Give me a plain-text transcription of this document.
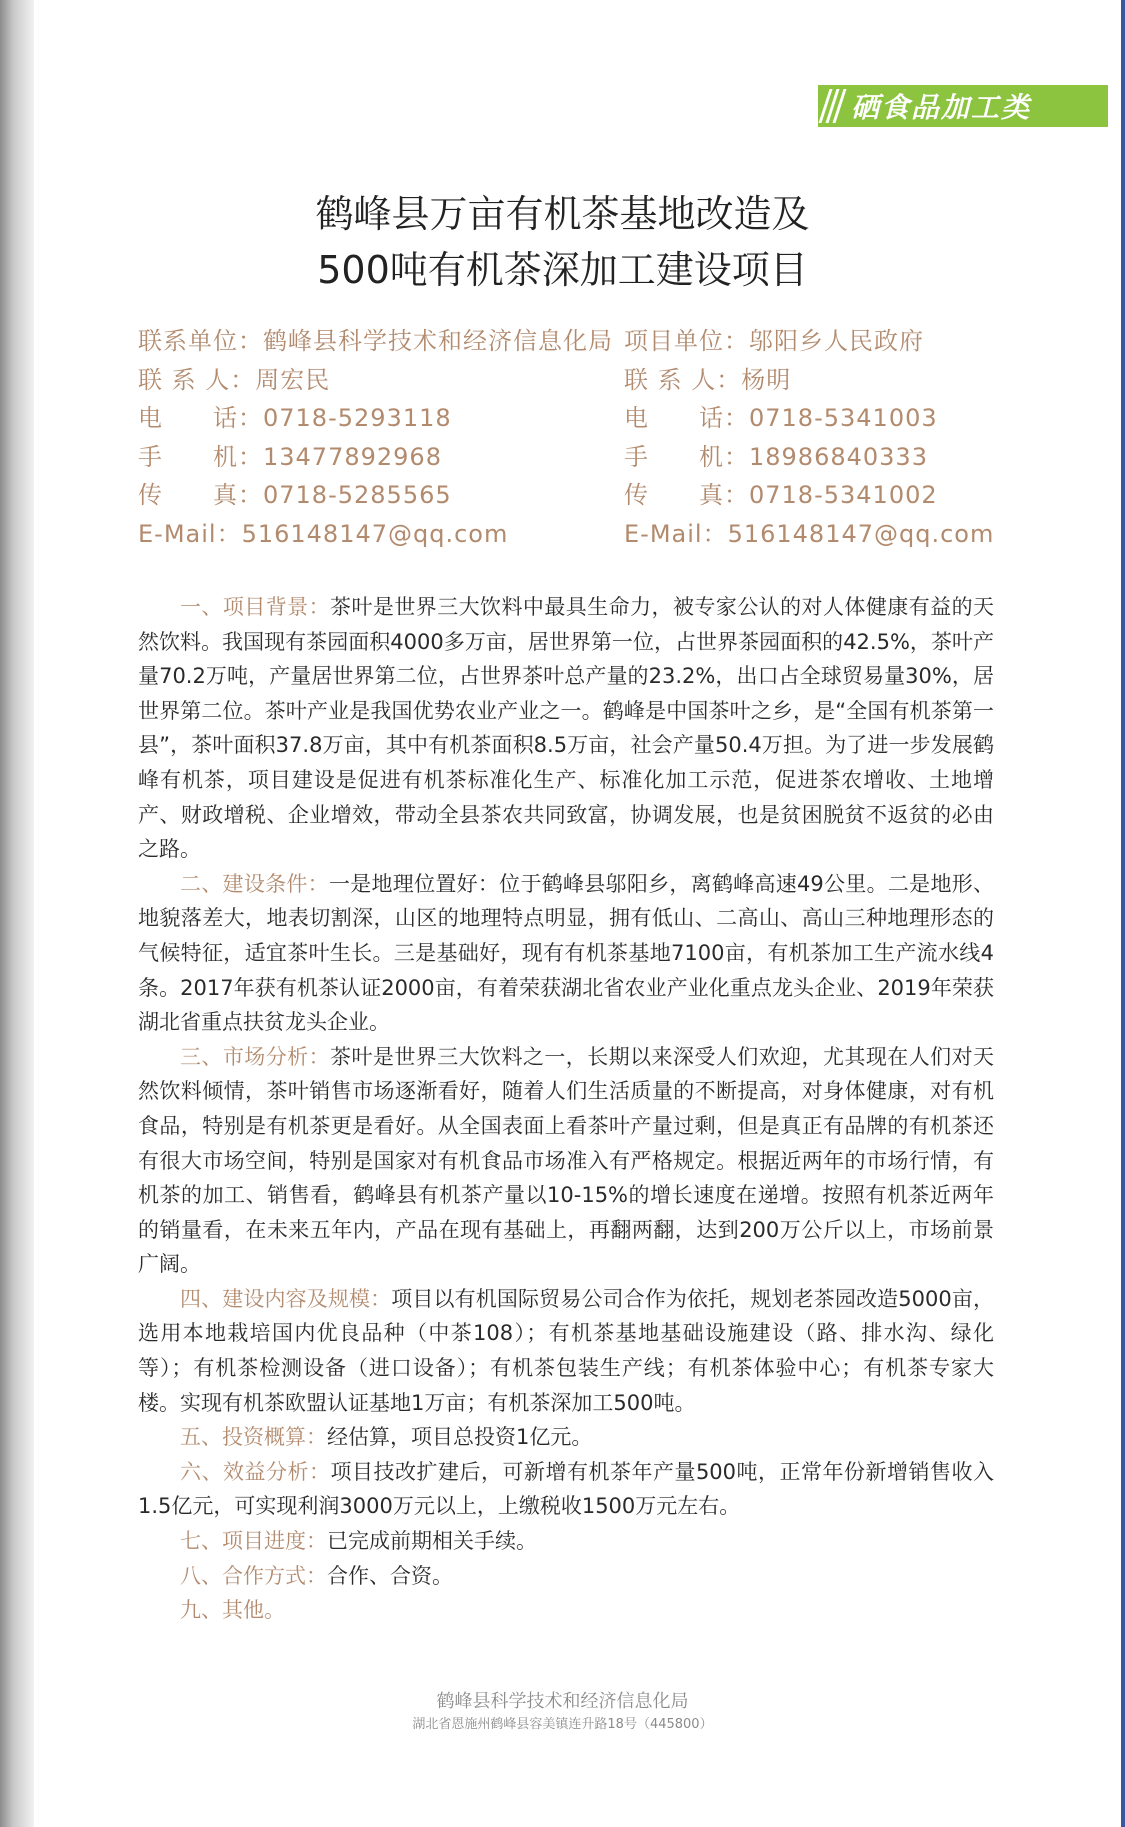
硒食品加工类
鹤峰县万亩有机茶基地改造及
500吨有机茶深加工建设项目
联系单位：鹤峰县科学技术和经济信息化局
联 系 人：周宏民
电　　话：0718-5293118
手　　机：13477892968
传　　真：0718-5285565
E-Mail：516148147@qq.com
项目单位：邬阳乡人民政府
联 系 人：杨明
电　　话：0718-5341003
手　　机：18986840333
传　　真：0718-5341002
E-Mail：516148147@qq.com

一、项目背景：茶叶是世界三大饮料中最具生命力，被专家公认的对人体健康有益的天然饮料。我国现有茶园面积4000多万亩，居世界第一位，占世界茶园面积的42.5%，茶叶产量70.2万吨，产量居世界第二位，占世界茶叶总产量的23.2%，出口占全球贸易量30%，居世界第二位。茶叶产业是我国优势农业产业之一。鹤峰是中国茶叶之乡，是“全国有机茶第一县”，茶叶面积37.8万亩，其中有机茶面积8.5万亩，社会产量50.4万担。为了进一步发展鹤峰有机茶，项目建设是促进有机茶标准化生产、标准化加工示范，促进茶农增收、土地增产、财政增税、企业增效，带动全县茶农共同致富，协调发展，也是贫困脱贫不返贫的必由之路。

二、建设条件：一是地理位置好：位于鹤峰县邬阳乡，离鹤峰高速49公里。二是地形、地貌落差大，地表切割深，山区的地理特点明显，拥有低山、二高山、高山三种地理形态的气候特征，适宜茶叶生长。三是基础好，现有有机茶基地7100亩，有机茶加工生产流水线4条。2017年获有机茶认证2000亩，有着荣获湖北省农业产业化重点龙头企业、2019年荣获湖北省重点扶贫龙头企业。

三、市场分析：茶叶是世界三大饮料之一，长期以来深受人们欢迎，尤其现在人们对天然饮料倾情，茶叶销售市场逐渐看好，随着人们生活质量的不断提高，对身体健康，对有机食品，特别是有机茶更是看好。从全国表面上看茶叶产量过剩，但是真正有品牌的有机茶还有很大市场空间，特别是国家对有机食品市场准入有严格规定。根据近两年的市场行情，有机茶的加工、销售看，鹤峰县有机茶产量以10-15%的增长速度在递增。按照有机茶近两年的销量看，在未来五年内，产品在现有基础上，再翻两翻，达到200万公斤以上，市场前景广阔。

四、建设内容及规模：项目以有机国际贸易公司合作为依托，规划老茶园改造5000亩，选用本地栽培国内优良品种（中茶108）；有机茶基地基础设施建设（路、排水沟、绿化等）；有机茶检测设备（进口设备）；有机茶包装生产线；有机茶体验中心；有机茶专家大楼。实现有机茶欧盟认证基地1万亩；有机茶深加工500吨。

五、投资概算：经估算，项目总投资1亿元。

六、效益分析：项目技改扩建后，可新增有机茶年产量500吨，正常年份新增销售收入1.5亿元，可实现利润3000万元以上，上缴税收1500万元左右。

七、项目进度：已完成前期相关手续。

八、合作方式：合作、合资。

九、其他。

鹤峰县科学技术和经济信息化局
湖北省恩施州鹤峰县容美镇连升路18号（445800）
